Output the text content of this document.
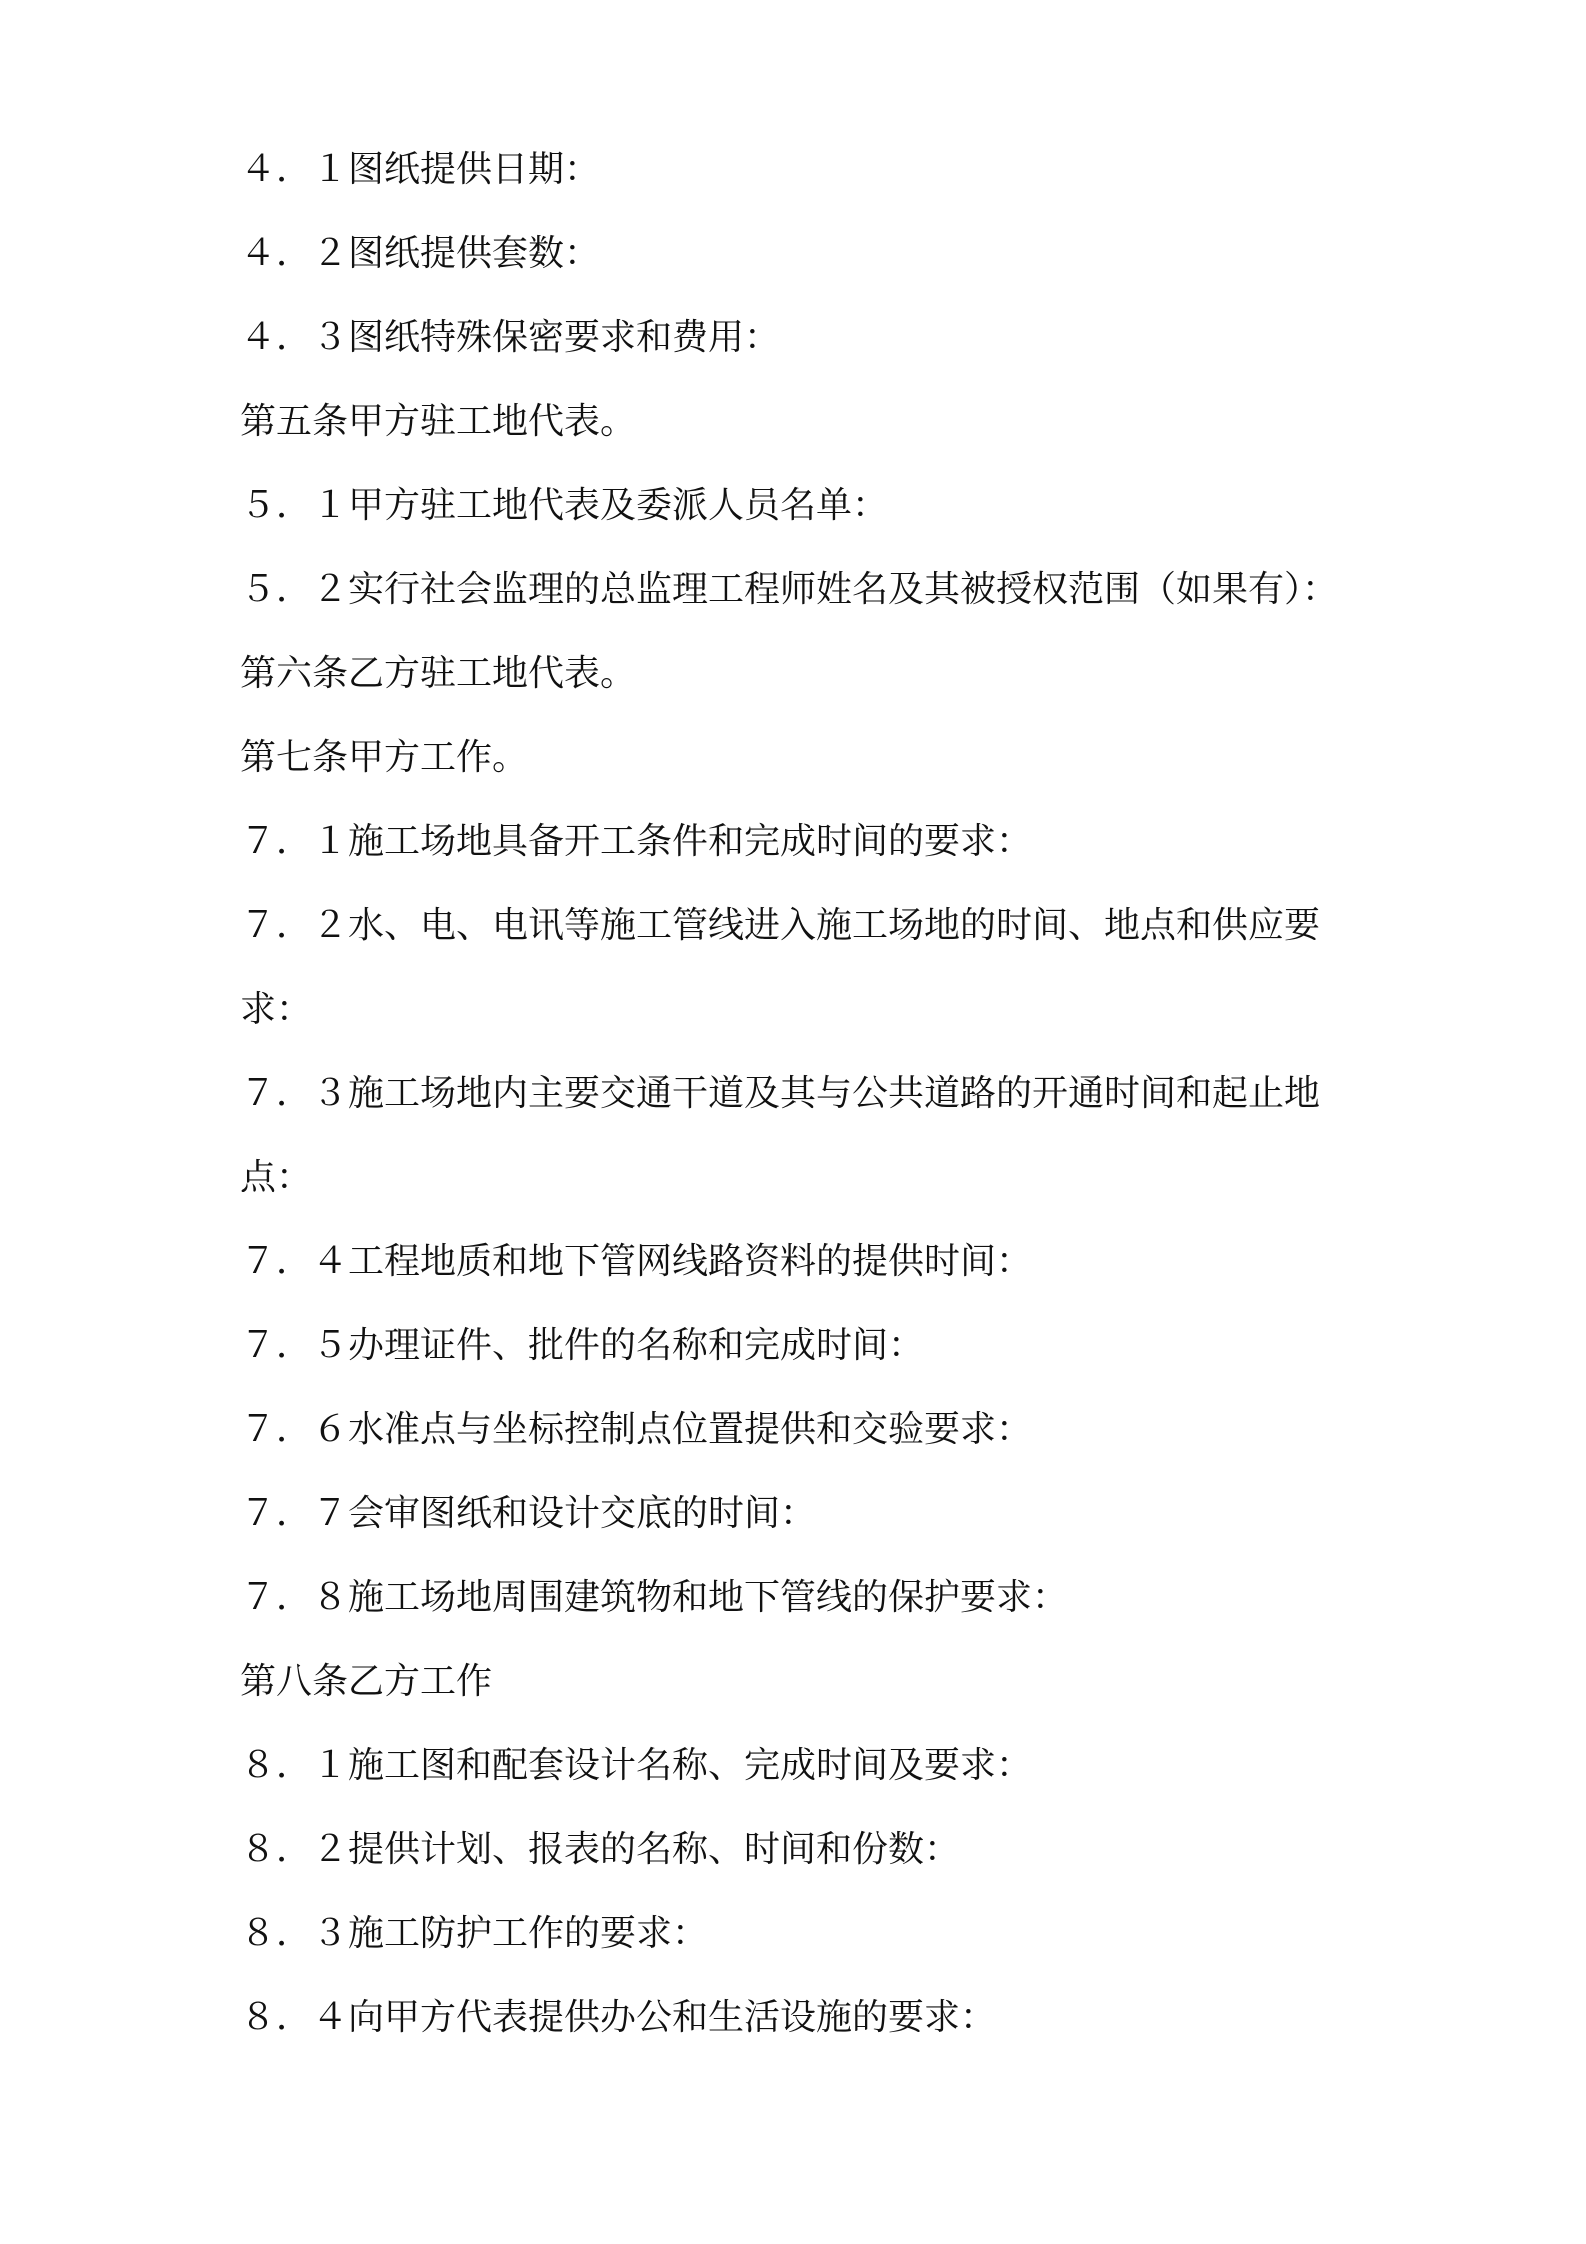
４．１图纸提供日期：

４．２图纸提供套数：

４．３图纸特殊保密要求和费用：

第五条甲方驻工地代表。

５．１甲方驻工地代表及委派人员名单：

５．２实行社会监理的总监理工程师姓名及其被授权范围（如果有）：

第六条乙方驻工地代表。

第七条甲方工作。

７．１施工场地具备开工条件和完成时间的要求：

７．２水、电、电讯等施工管线进入施工场地的时间、地点和供应要

求：

７．３施工场地内主要交通干道及其与公共道路的开通时间和起止地

点：

７．４工程地质和地下管网线路资料的提供时间：

７．５办理证件、批件的名称和完成时间：

７．６水准点与坐标控制点位置提供和交验要求：

７．７会审图纸和设计交底的时间：

７．８施工场地周围建筑物和地下管线的保护要求：

第八条乙方工作

８．１施工图和配套设计名称、完成时间及要求：

８．２提供计划、报表的名称、时间和份数：

８．３施工防护工作的要求：

８．４向甲方代表提供办公和生活设施的要求：
